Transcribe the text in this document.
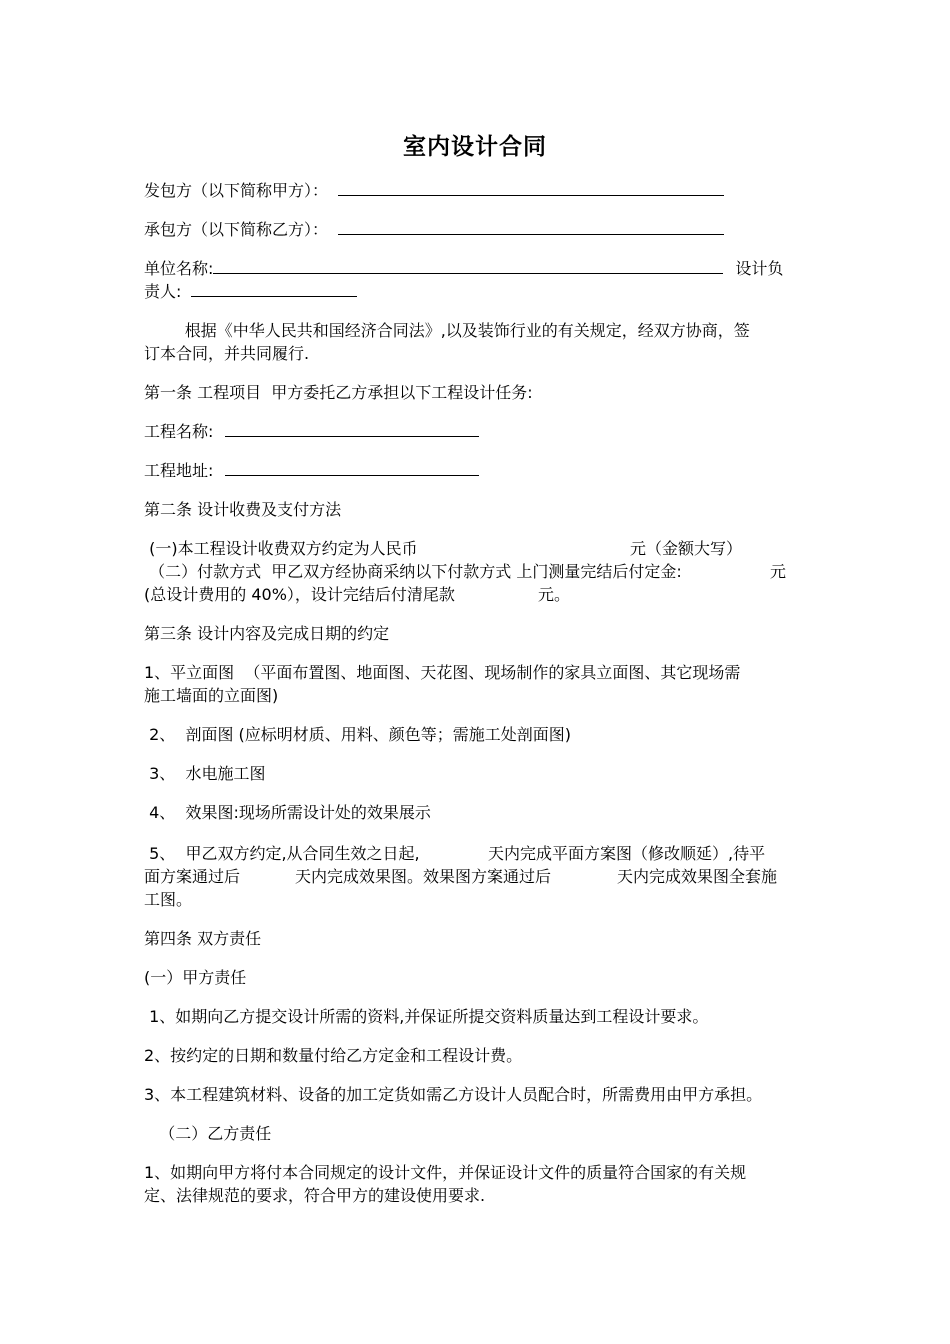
室内设计合同
发包方（以下简称甲方）：
承包方（以下简称乙方）：
单位名称:	设计负
责人:
根据《中华人民共和国经济合同法》,以及装饰行业的有关规定，经双方协商，签
订本合同，并共同履行.
第一条 工程项目  甲方委托乙方承担以下工程设计任务:
工程名称:
工程地址:
第二条 设计收费及支付方法
(一)本工程设计收费双方约定为人民币	元（金额大写）
（二）付款方式  甲乙双方经协商采纳以下付款方式 上门测量完结后付定金:	元
(总设计费用的 40%），设计完结后付清尾款	元。
第三条 设计内容及完成日期的约定
1、平立面图  （平面布置图、地面图、天花图、现场制作的家具立面图、其它现场需
施工墙面的立面图)
2、  剖面图 (应标明材质、用料、颜色等；需施工处剖面图)
3、  水电施工图
4、  效果图:现场所需设计处的效果展示
5、  甲乙双方约定,从合同生效之日起,	天内完成平面方案图（修改顺延）,待平
面方案通过后	天内完成效果图。效果图方案通过后	天内完成效果图全套施
工图。
第四条 双方责任
(一）甲方责任
1、如期向乙方提交设计所需的资料,并保证所提交资料质量达到工程设计要求。
2、按约定的日期和数量付给乙方定金和工程设计费。
3、本工程建筑材料、设备的加工定货如需乙方设计人员配合时，所需费用由甲方承担。
（二）乙方责任
1、如期向甲方将付本合同规定的设计文件，并保证设计文件的质量符合国家的有关规
定、法律规范的要求，符合甲方的建设使用要求.
